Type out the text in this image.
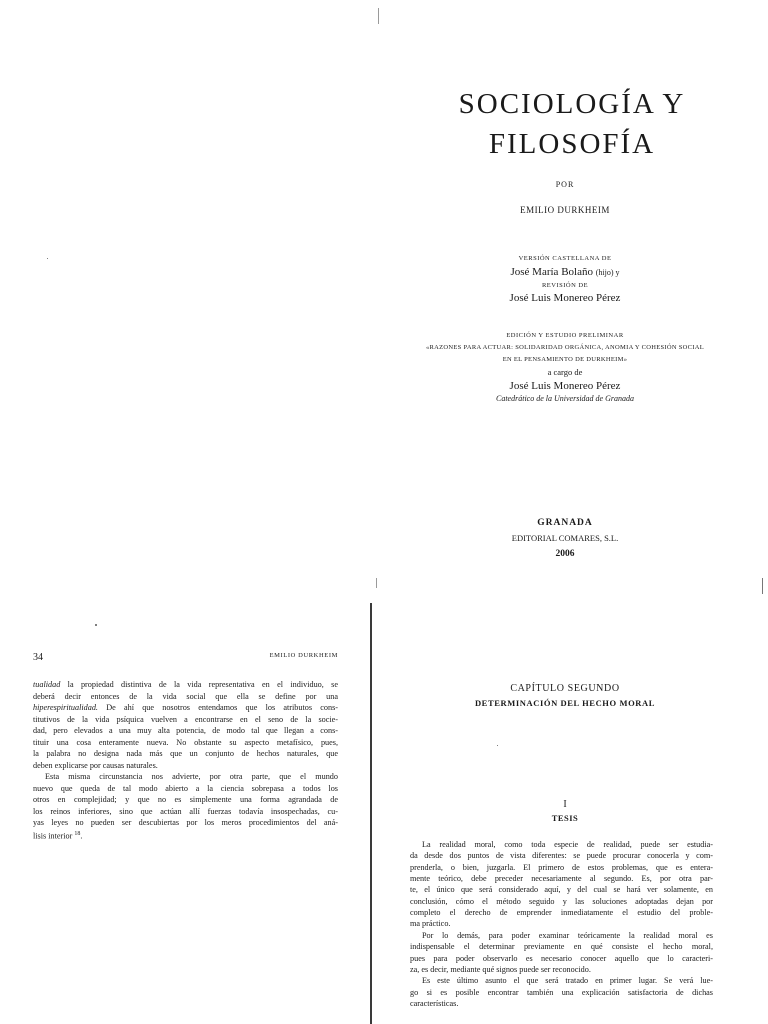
SOCIOLOGÍA Y
FILOSOFÍA
POR
EMILIO DURKHEIM
VERSIÓN CASTELLANA DE
José María Bolaño (hijo) y
REVISIÓN DE
José Luis Monereo Pérez
EDICIÓN Y ESTUDIO PRELIMINAR
«RAZONES PARA ACTUAR: SOLIDARIDAD ORGÁNICA, ANOMIA Y COHESIÓN SOCIAL
EN EL PENSAMIENTO DE DURKHEIM»
a cargo de
José Luis Monereo Pérez
Catedrático de la Universidad de Granada
GRANADA
EDITORIAL COMARES, S.L.
2006
34	EMILIO DURKHEIM
tualidad la propiedad distintiva de la vida representativa en el individuo, se
deberá decir entonces de la vida social que ella se define por una
hiperespiritualidad. De ahí que nosotros entendamos que los atributos cons-
titutivos de la vida psíquica vuelven a encontrarse en el seno de la socie-
dad, pero elevados a una muy alta potencia, de modo tal que llegan a cons-
tituir una cosa enteramente nueva. No obstante su aspecto metafísico, pues,
la palabra no designa nada más que un conjunto de hechos naturales, que
deben explicarse por causas naturales.
Esta misma circunstancia nos advierte, por otra parte, que el mundo
nuevo que queda de tal modo abierto a la ciencia sobrepasa a todos los
otros en complejidad; y que no es simplemente una forma agrandada de
los reinos inferiores, sino que actúan allí fuerzas todavía insospechadas, cu-
yas leyes no pueden ser descubiertas por los meros procedimientos del aná-
lisis interior $^{18}$.
CAPÍTULO SEGUNDO
DETERMINACIÓN DEL HECHO MORAL
I
TESIS
La realidad moral, como toda especie de realidad, puede ser estudia-
da desde dos puntos de vista diferentes: se puede procurar conocerla y com-
prenderla, o bien, juzgarla. El primero de estos problemas, que es entera-
mente teórico, debe preceder necesariamente al segundo. Es, por otra par-
te, el único que será considerado aquí, y del cual se hará ver solamente, en
conclusión, cómo el método seguido y las soluciones adoptadas dejan por
completo el derecho de emprender inmediatamente el estudio del proble-
ma práctico.
Por lo demás, para poder examinar teóricamente la realidad moral es
indispensable el determinar previamente en qué consiste el hecho moral,
pues para poder observarlo es necesario conocer aquello que lo caracteri-
za, es decir, mediante qué signos puede ser reconocido.
Es este último asunto el que será tratado en primer lugar. Se verá lue-
go si es posible encontrar también una explicación satisfactoria de dichas
características.
